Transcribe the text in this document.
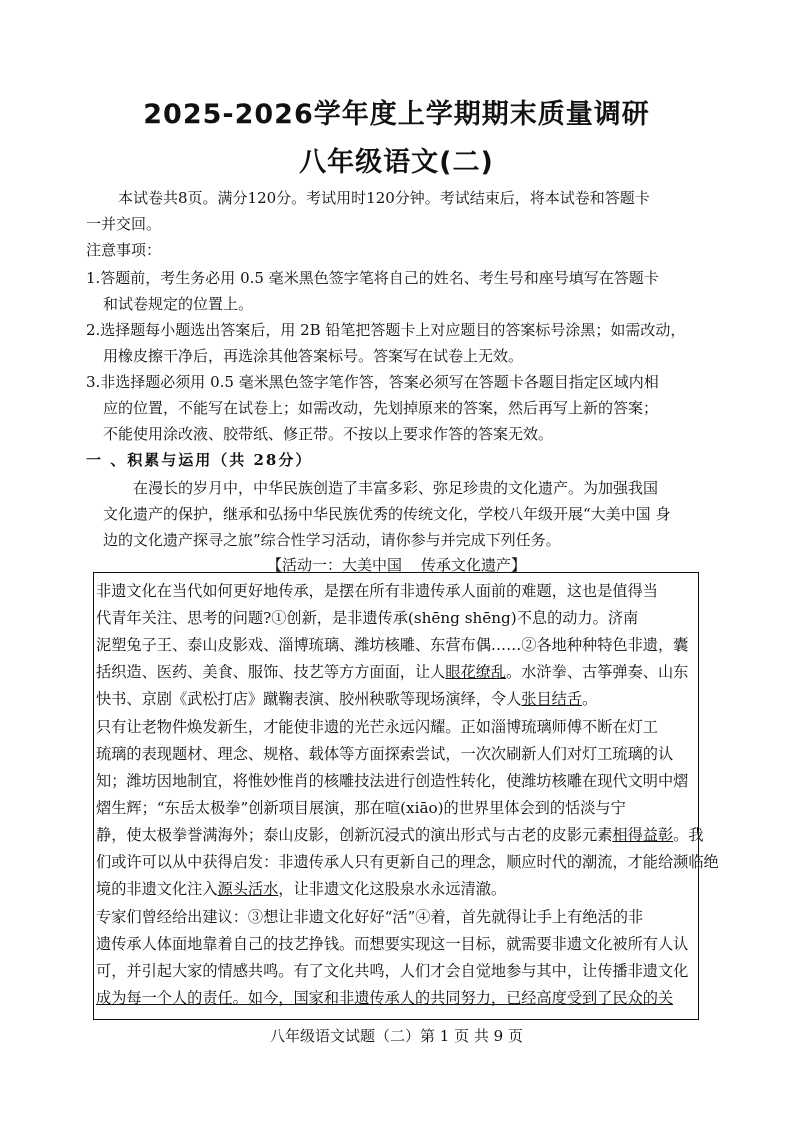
2025-2026学年度上学期期末质量调研
八年级语文(二)
本试卷共8页。满分120分。考试用时120分钟。考试结束后，将本试卷和答题卡
一并交回。
注意事项：
1.答题前，考生务必用 0.5 毫米黑色签字笔将自己的姓名、考生号和座号填写在答题卡
和试卷规定的位置上。
2.选择题每小题选出答案后，用 2B 铅笔把答题卡上对应题目的答案标号涂黑；如需改动，
用橡皮擦干净后，再选涂其他答案标号。答案写在试卷上无效。
3.非选择题必须用 0.5 毫米黑色签字笔作答，答案必须写在答题卡各题目指定区域内相
应的位置，不能写在试卷上；如需改动，先划掉原来的答案，然后再写上新的答案；
不能使用涂改液、胶带纸、修正带。不按以上要求作答的答案无效。
一 、积累与运用（共 28分）
在漫长的岁月中，中华民族创造了丰富多彩、弥足珍贵的文化遗产。为加强我国
文化遗产的保护，继承和弘扬中华民族优秀的传统文化，学校八年级开展“大美中国 身
边的文化遗产探寻之旅”综合性学习活动，请你参与并完成下列任务。
【活动一：大美中国    传承文化遗产】
非遗文化在当代如何更好地传承，是摆在所有非遗传承人面前的难题，这也是值得当
代青年关注、思考的问题?①创新，是非遗传承(shēng shēng)不息的动力。济南
泥塑兔子王、泰山皮影戏、淄博琉璃、潍坊核雕、东营布偶……②各地种种特色非遗，囊
括织造、医药、美食、服饰、技艺等方方面面，让人眼花缭乱。水浒拳、古筝弹奏、山东
快书、京剧《武松打店》蹴鞠表演、胶州秧歌等现场演绎，令人张目结舌。
只有让老物件焕发新生，才能使非遗的光芒永远闪耀。正如淄博琉璃师傅不断在灯工
琉璃的表现题材、理念、规格、载体等方面探索尝试，一次次刷新人们对灯工琉璃的认
知；潍坊因地制宜，将惟妙惟肖的核雕技法进行创造性转化，使潍坊核雕在现代文明中熠
熠生辉；“东岳太极拳”创新项目展演，那在喧(xiāo)的世界里体会到的恬淡与宁
静，使太极拳誉满海外；泰山皮影，创新沉浸式的演出形式与古老的皮影元素相得益彰。我
们或许可以从中获得启发：非遗传承人只有更新自己的理念，顺应时代的潮流，才能给濒临绝
境的非遗文化注入源头活水，让非遗文化这股泉水永远清澈。
专家们曾经给出建议：③想让非遗文化好好“活”④着，首先就得让手上有绝活的非
遗传承人体面地靠着自己的技艺挣钱。而想要实现这一目标，就需要非遗文化被所有人认
可，并引起大家的情感共鸣。有了文化共鸣，人们才会自觉地参与其中，让传播非遗文化
成为每一个人的责任。如今，国家和非遗传承人的共同努力，已经高度受到了民众的关
八年级语文试题（二）第 1 页 共 9 页
